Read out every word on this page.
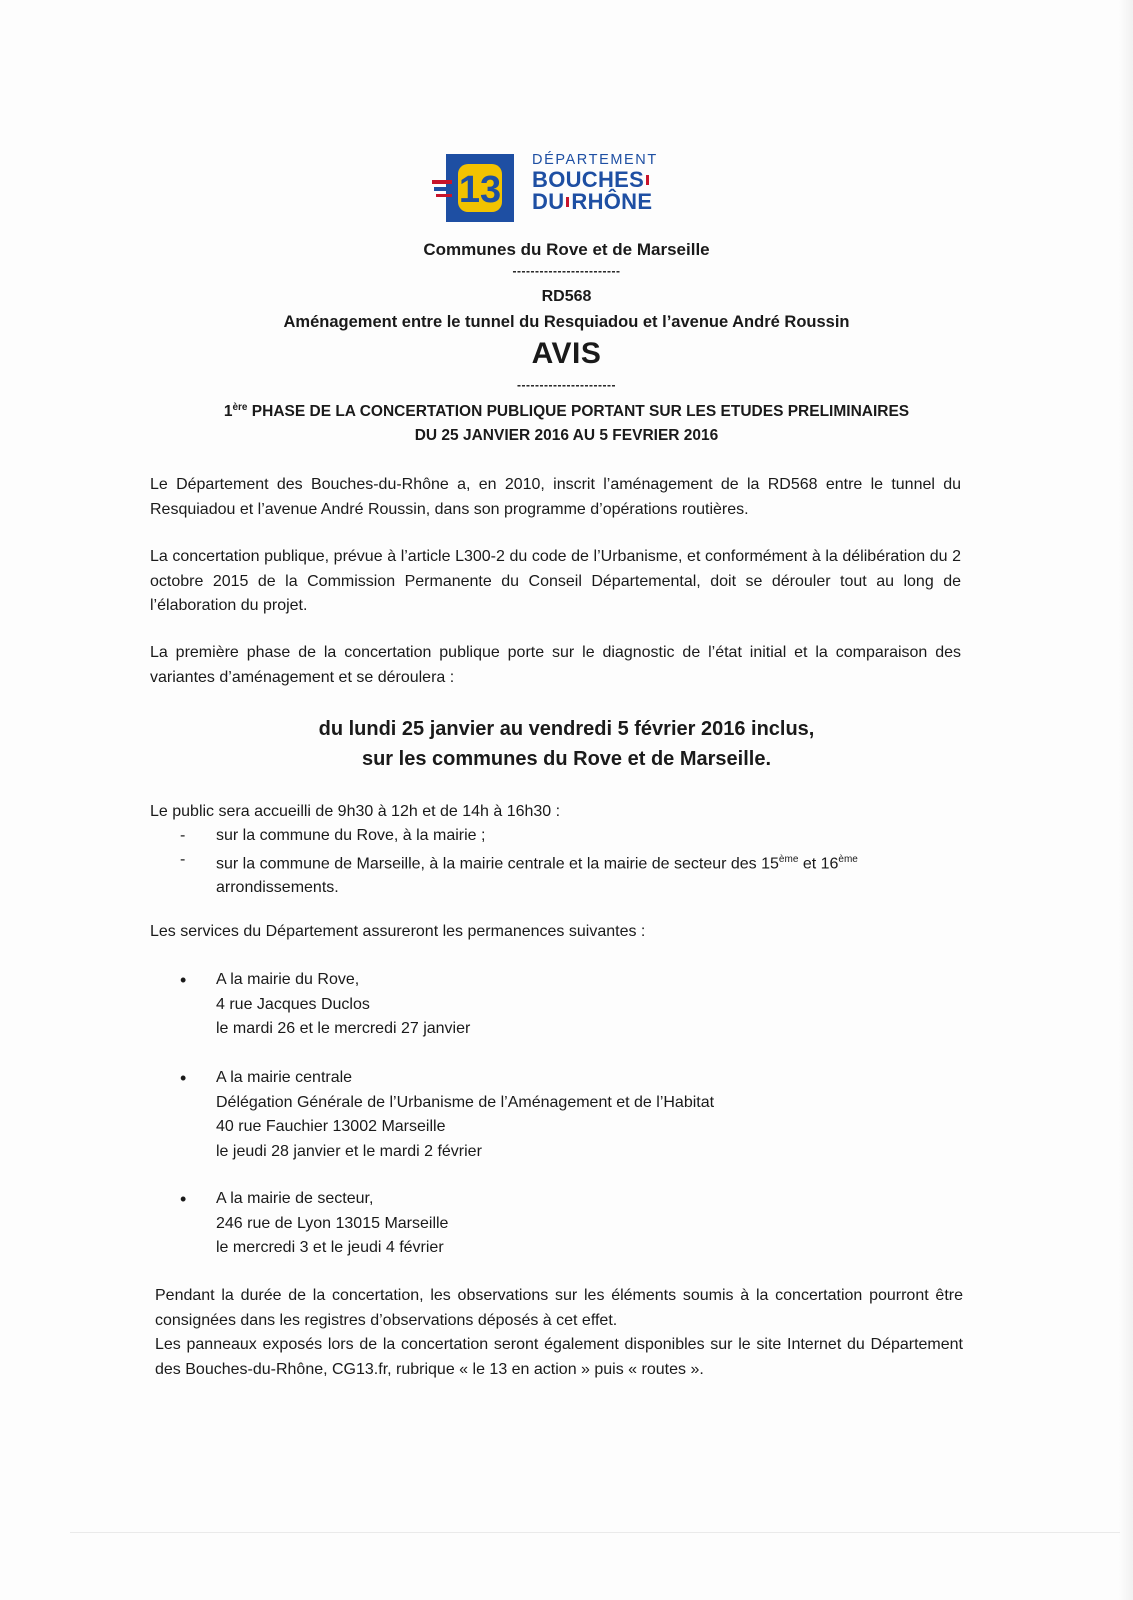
13
DÉPARTEMENT
BOUCHES
DU RHÔNE
Communes du Rove et de Marseille
------------------------
RD568
Aménagement entre le tunnel du Resquiadou et l’avenue André Roussin
AVIS
----------------------
1ère PHASE DE LA CONCERTATION PUBLIQUE PORTANT SUR LES ETUDES PRELIMINAIRES
DU 25 JANVIER 2016 AU 5 FEVRIER 2016

Le Département des Bouches-du-Rhône a, en 2010, inscrit l’aménagement de la RD568 entre le tunnel du Resquiadou et l’avenue André Roussin, dans son programme d’opérations routières.

La concertation publique, prévue à l’article L300-2 du code de l’Urbanisme, et conformément à la délibération du 2 octobre 2015 de la Commission Permanente du Conseil Départemental, doit se dérouler tout au long de l’élaboration du projet.

La première phase de la concertation publique porte sur le diagnostic de l’état initial et la comparaison des variantes d’aménagement et se déroulera :

du lundi 25 janvier au vendredi 5 février 2016 inclus,
sur les communes du Rove et de Marseille.

Le public sera accueilli de 9h30 à 12h et de 14h à 16h30 :

- sur la commune du Rove, à la mairie ;
- sur la commune de Marseille, à la mairie centrale et la mairie de secteur des 15ème et 16ème
arrondissements.

Les services du Département assureront les permanences suivantes :

• A la mairie du Rove,
4 rue Jacques Duclos
le mardi 26 et le mercredi 27 janvier
• A la mairie centrale
Délégation Générale de l’Urbanisme de l’Aménagement et de l’Habitat
40 rue Fauchier 13002 Marseille
le jeudi 28 janvier et le mardi 2 février
• A la mairie de secteur,
246 rue de Lyon 13015 Marseille
le mercredi 3 et le jeudi 4 février

Pendant la durée de la concertation, les observations sur les éléments soumis à la concertation pourront être consignées dans les registres d’observations déposés à cet effet.

Les panneaux exposés lors de la concertation seront également disponibles sur le site Internet du Département des Bouches-du-Rhône, CG13.fr, rubrique « le 13 en action » puis « routes ».
